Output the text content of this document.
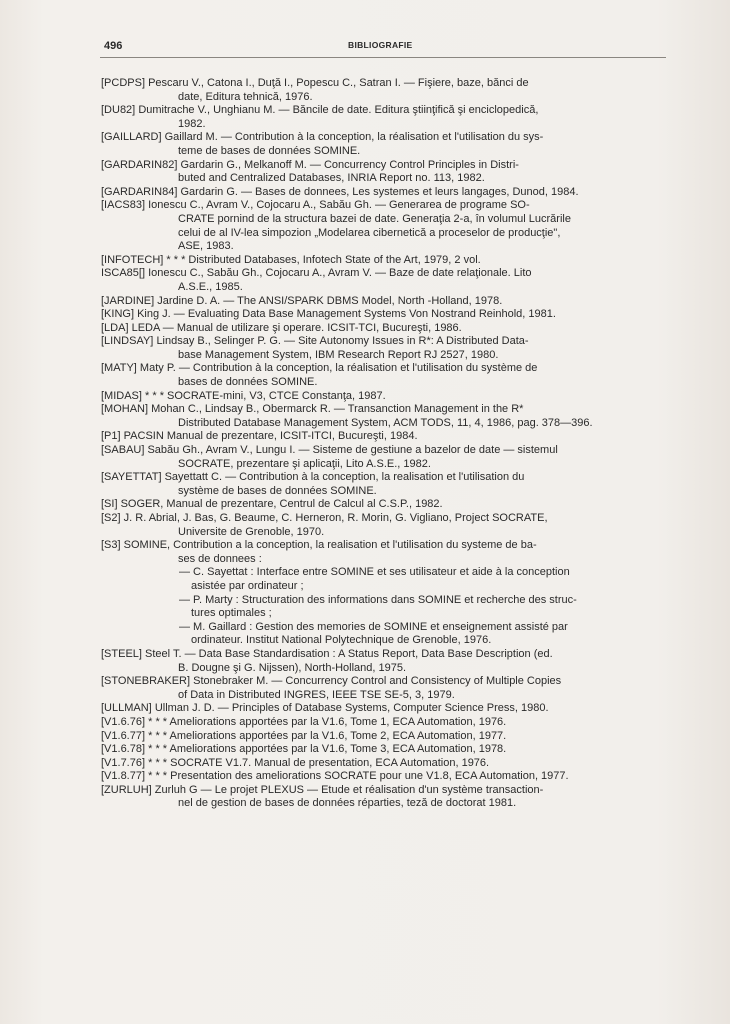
496	BIBLIOGRAFIE
[PCDPS] Pescaru V., Catona I., Duţă I., Popescu C., Satran I. — Fişiere, baze, bănci de
date, Editura tehnică, 1976.
[DU82] Dumitrache V., Unghianu M. — Băncile de date. Editura ştiinţifică şi enciclopedică,
1982.
[GAILLARD] Gaillard M. — Contribution à la conception, la réalisation et l'utilisation du sys-
teme de bases de données SOMINE.
[GARDARIN82] Gardarin G., Melkanoff M. — Concurrency Control Principles in Distri-
buted and Centralized Databases, INRIA Report no. 113, 1982.
[GARDARIN84] Gardarin G. — Bases de donnees, Les systemes et leurs langages, Dunod, 1984.
[IACS83] Ionescu C., Avram V., Cojocaru A., Sabău Gh. — Generarea de programe SO-
CRATE pornind de la structura bazei de date. Generaţia 2-a, în volumul Lucrările
celui de al IV-lea simpozion „Modelarea cibernetică a proceselor de producţie",
ASE, 1983.
[INFOTECH] * * * Distributed Databases, Infotech State of the Art, 1979, 2 vol.
ISCA85[] Ionescu C., Sabău Gh., Cojocaru A., Avram V. — Baze de date relaţionale. Lito
A.S.E., 1985.
[JARDINE] Jardine D. A. — The ANSI/SPARK DBMS Model, North -Holland, 1978.
[KING] King J. — Evaluating Data Base Management Systems Von Nostrand Reinhold, 1981.
[LDA] LEDA — Manual de utilizare şi operare. ICSIT-TCI, Bucureşti, 1986.
[LINDSAY] Lindsay B., Selinger P. G. — Site Autonomy Issues in R*: A Distributed Data-
base Management System, IBM Research Report RJ 2527, 1980.
[MATY] Maty P. — Contribution à la conception, la réalisation et l'utilisation du système de
bases de données SOMINE.
[MIDAS] * * * SOCRATE-mini, V3, CTCE Constanţa, 1987.
[MOHAN] Mohan C., Lindsay B., Obermarck R. — Transanction Management in the R*
Distributed Database Management System, ACM TODS, 11, 4, 1986, pag. 378—396.
[P1] PACSIN Manual de prezentare, ICSIT-ITCI, Bucureşti, 1984.
[SABAU] Sabău Gh., Avram V., Lungu I. — Sisteme de gestiune a bazelor de date — sistemul
SOCRATE, prezentare şi aplicaţii, Lito A.S.E., 1982.
[SAYETTAT] Sayettatt C. — Contribution à la conception, la realisation et l'utilisation du
système de bases de données SOMINE.
[SI] SOGER, Manual de prezentare, Centrul de Calcul al C.S.P., 1982.
[S2] J. R. Abrial, J. Bas, G. Beaume, C. Herneron, R. Morin, G. Vigliano, Project SOCRATE,
Universite de Grenoble, 1970.
[S3] SOMINE, Contribution a la conception, la realisation et l'utilisation du systeme de ba-
ses de donnees :
— C. Sayettat : Interface entre SOMINE et ses utilisateur et aide à la conception
asistée par ordinateur ;
— P. Marty : Structuration des informations dans SOMINE et recherche des struc-
tures optimales ;
— M. Gaillard : Gestion des memories de SOMINE et enseignement assisté par
ordinateur. Institut National Polytechnique de Grenoble, 1976.
[STEEL] Steel T. — Data Base Standardisation : A Status Report, Data Base Description (ed.
B. Dougne şi G. Nijssen), North-Holland, 1975.
[STONEBRAKER] Stonebraker M. — Concurrency Control and Consistency of Multiple Copies
of Data in Distributed INGRES, IEEE TSE SE-5, 3, 1979.
[ULLMAN] Ullman J. D. — Principles of Database Systems, Computer Science Press, 1980.
[V1.6.76] * * * Ameliorations apportées par la V1.6, Tome 1, ECA Automation, 1976.
[V1.6.77] * * * Ameliorations apportées par la V1.6, Tome 2, ECA Automation, 1977.
[V1.6.78] * * * Ameliorations apportées par la V1.6, Tome 3, ECA Automation, 1978.
[V1.7.76] * * * SOCRATE V1.7. Manual de presentation, ECA Automation, 1976.
[V1.8.77] * * * Presentation des ameliorations SOCRATE pour une V1.8, ECA Automation, 1977.
[ZURLUH] Zurluh G — Le projet PLEXUS — Etude et réalisation d'un système transaction-
nel de gestion de bases de données réparties, teză de doctorat 1981.
